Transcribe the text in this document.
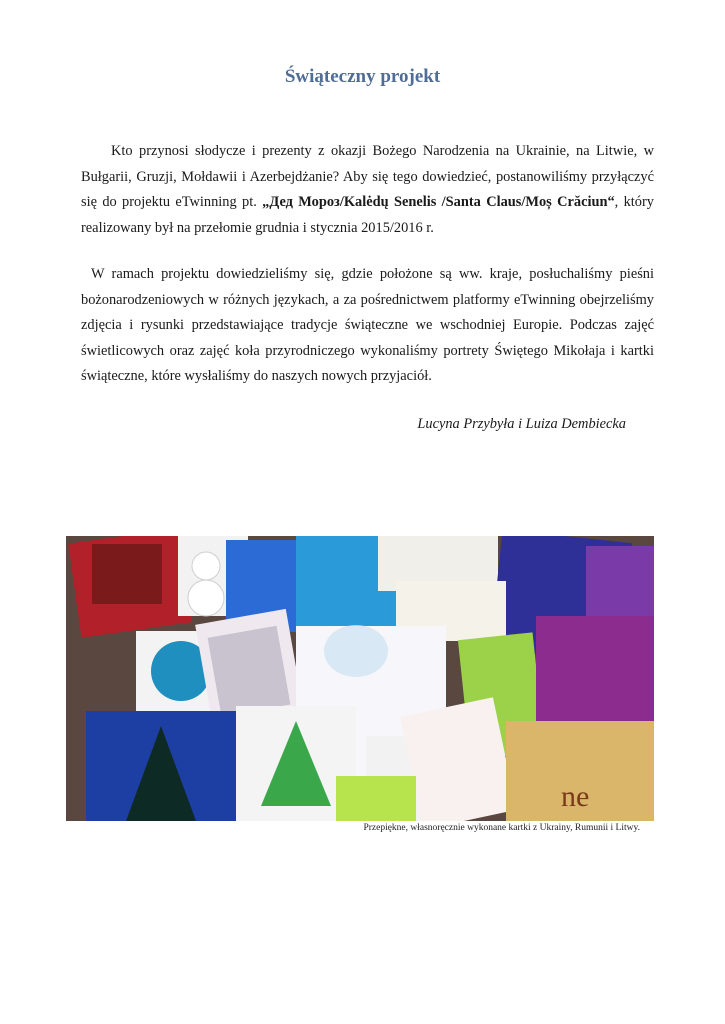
Świąteczny projekt

Kto przynosi słodycze i prezenty z okazji Bożego Narodzenia na Ukrainie, na Litwie, w Bułgarii, Gruzji, Mołdawii i Azerbejdżanie? Aby się tego dowiedzieć, postanowiliśmy przyłączyć się do projektu eTwinning pt. „Дед Мороз/Kalėdų Senelis /Santa Claus/Moș Crăciun“, który realizowany był na przełomie grudnia i stycznia 2015/2016 r.

W ramach projektu dowiedzieliśmy się, gdzie położone są ww. kraje, posłuchaliśmy pieśni bożonarodzeniowych w różnych językach, a za pośrednictwem platformy eTwinning obejrzeliśmy zdjęcia i rysunki przedstawiające tradycje świąteczne we wschodniej Europie. Podczas zajęć świetlicowych oraz zajęć koła przyrodniczego wykonaliśmy portrety Świętego Mikołaja i kartki świąteczne, które wysłaliśmy do naszych nowych przyjaciół.

Lucyna Przybyła i Luiza Dembiecka
ne
Przepiękne, własnoręcznie wykonane kartki z Ukrainy, Rumunii i Litwy.
